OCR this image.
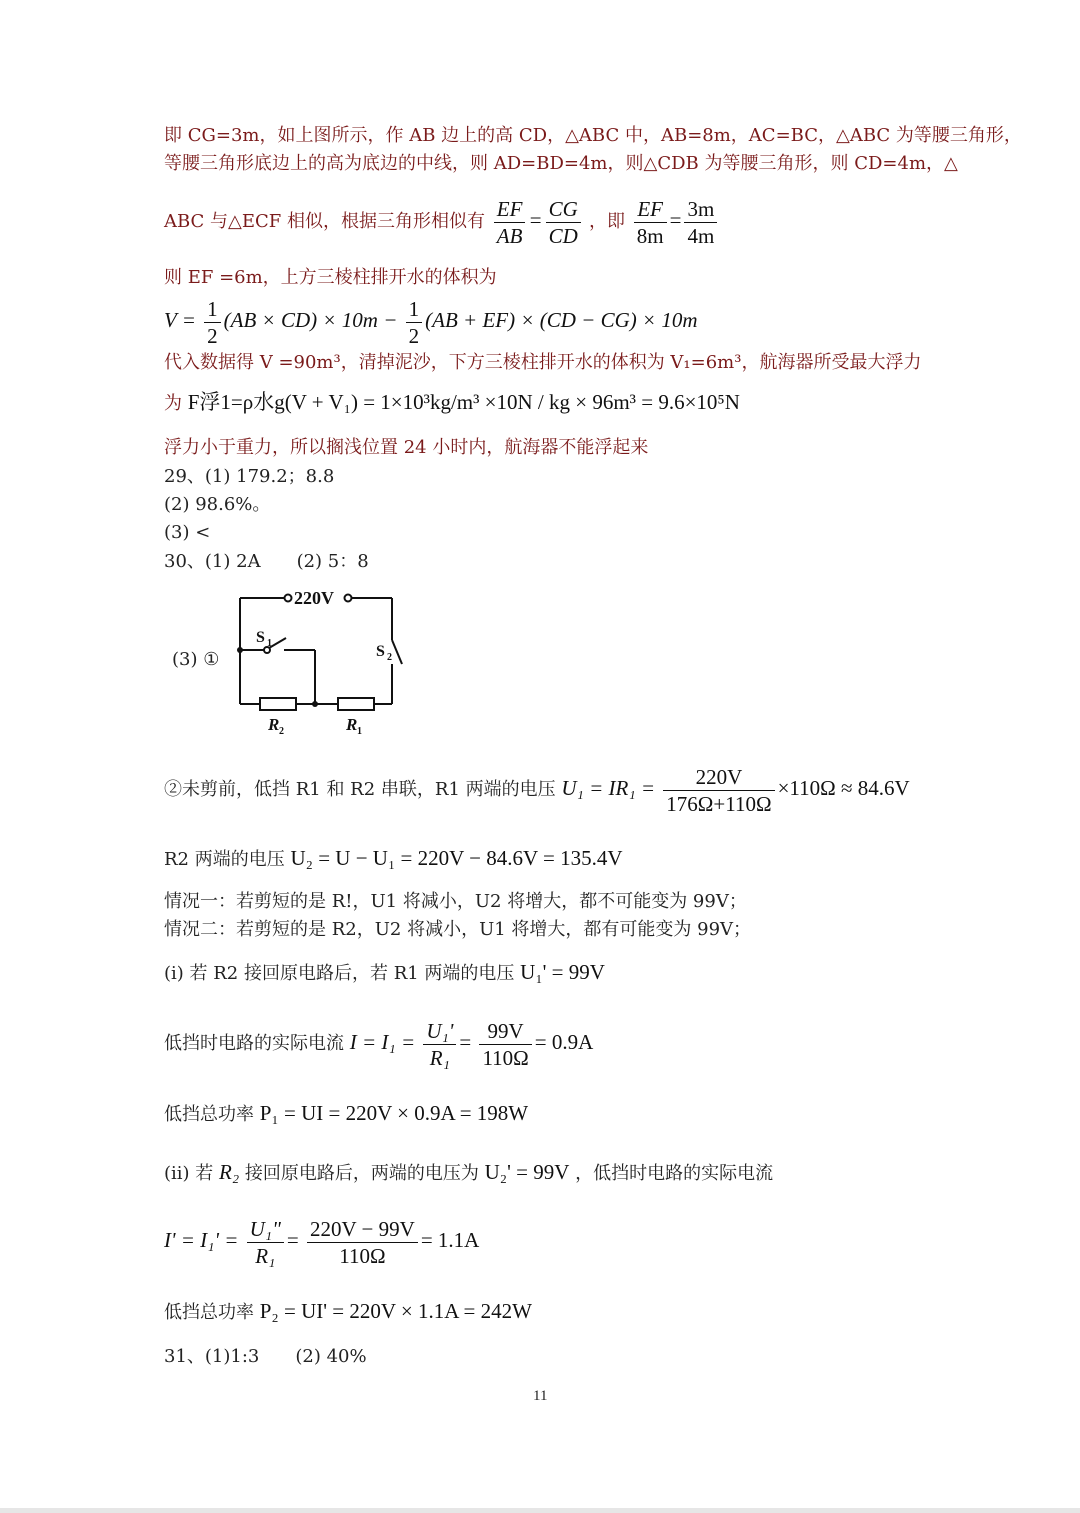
即 CG=3m，如上图所示，作 AB 边上的高 CD，△ABC 中，AB=8m，AC=BC，△ABC 为等腰三角形，
等腰三角形底边上的高为底边的中线，则 AD=BD=4m，则△CDB 为等腰三角形，则 CD=4m，△
ABC 与△ECF 相似，根据三角形相似有 $\frac{EF}{AB} = \frac{CG}{CD}$ ，即 $\frac{EF}{8m} = \frac{3m}{4m}$
则 EF =6m，上方三棱柱排开水的体积为
$V = \frac{1}{2} (AB \times CD) \times 10m - \frac{1}{2} (AB + EF) \times (CD - CG) \times 10m$
代入数据得 V =90m³，清掉泥沙，下方三棱柱排开水的体积为 V₁=6m³，航海器所受最大浮力
为 F浮1=ρ水g(V + V₁) = 1×10³kg/m³ ×10N / kg × 96m³ = 9.6×10⁵N
浮力小于重力，所以搁浅位置 24 小时内，航海器不能浮起来
29、(1) 179.2；8.8
(2) 98.6%。
(3) <
30、(1) 2A　　(2) 5：8
(3) ①
220V
S 1	S 2
R 2	R 1
②未剪前，低挡 R1 和 R2 串联，R1 两端的电压 $U_1 = IR_1 = \frac{220V}{176\Omega+110\Omega} \times 110\Omega \approx 84.6V$
R2 两端的电压 U₂ = U − U₁ = 220V − 84.6V = 135.4V
情况一：若剪短的是 R!，U1 将减小，U2 将增大，都不可能变为 99V；
情况二：若剪短的是 R2，U2 将减小，U1 将增大，都有可能变为 99V；
(i) 若 R2 接回原电路后，若 R1 两端的电压 U₁' = 99V
低挡时电路的实际电流 $I = I_1 = \frac{\text{U₁'}}{\text{R₁}} = \frac{99V}{110\Omega} = 0.9A$
低挡总功率 P₁ = UI = 220V × 0.9A = 198W
(ii) 若 R₂ 接回原电路后，两端的电压为 U₂' = 99V ，低挡时电路的实际电流
$I' = I_1' = \frac{\text{U₁"}}{\text{R₁}} = \frac{220V - 99V}{110\Omega} = 1.1A$
低挡总功率 P₂ = UI' = 220V × 1.1A = 242W
31、(1)1:3　　(2) 40%
11
